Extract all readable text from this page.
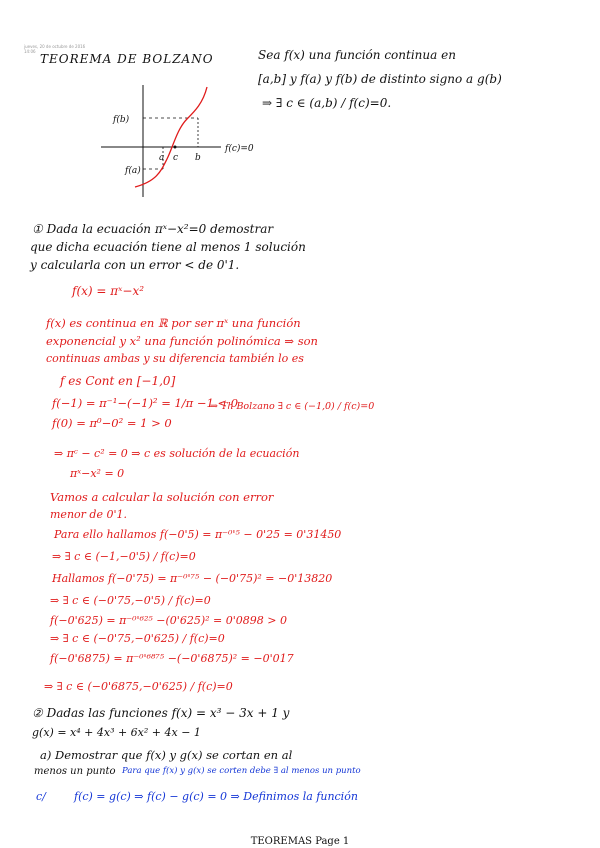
jueves, 20 de octubre de 2016
14:06
TEOREMA DE BOLZANO	Sea f(x) una función continua en
[a,b] y f(a) y f(b) de distinto signo a g(b)
⇒ ∃ c ∈ (a,b) / f(c)=0.
f(b)
f(a)
a c b
f(c)=0
① Dada la ecuación πˣ−x²=0 demostrar
que dicha ecuación tiene al menos 1 solución
y calcularla con un error < de 0'1.
f(x) = πˣ−x²
f(x) es continua en ℝ por ser πˣ una función
exponencial y x² una función polinómica ⇒ son
continuas ambas y su diferencia también lo es
f es Cont en [−1,0]
f(−1) = π⁻¹−(−1)² = 1/π −1 < 0
⇒ Th Bolzano ∃ c ∈ (−1,0) / f(c)=0
f(0) = π⁰−0² = 1 > 0
⇒ πᶜ − c² = 0 ⇒ c es solución de la ecuación
πˣ−x² = 0
Vamos a calcular la solución con error
menor de 0'1.
Para ello hallamos f(−0'5) = π⁻⁰'⁵ − 0'25 = 0'31450
⇒ ∃ c ∈ (−1,−0'5) / f(c)=0
Hallamos f(−0'75) = π⁻⁰'⁷⁵ − (−0'75)² = −0'13820
⇒ ∃ c ∈ (−0'75,−0'5) / f(c)=0
f(−0'625) = π⁻⁰'⁶²⁵ −(0'625)² = 0'0898 > 0
⇒ ∃ c ∈ (−0'75,−0'625) / f(c)=0
f(−0'6875) = π⁻⁰'⁶⁸⁷⁵ −(−0'6875)² = −0'017
⇒ ∃ c ∈ (−0'6875,−0'625) / f(c)=0
② Dadas las funciones f(x) = x³ − 3x + 1 y
g(x) = x⁴ + 4x³ + 6x² + 4x − 1
a) Demostrar que f(x) y g(x) se cortan en al
menos un punto Para que f(x) y g(x) se corten debe ∃ al menos un punto
c/	f(c) = g(c) ⇒ f(c) − g(c) = 0 ⇒ Definimos la función
TEOREMAS Page 1
